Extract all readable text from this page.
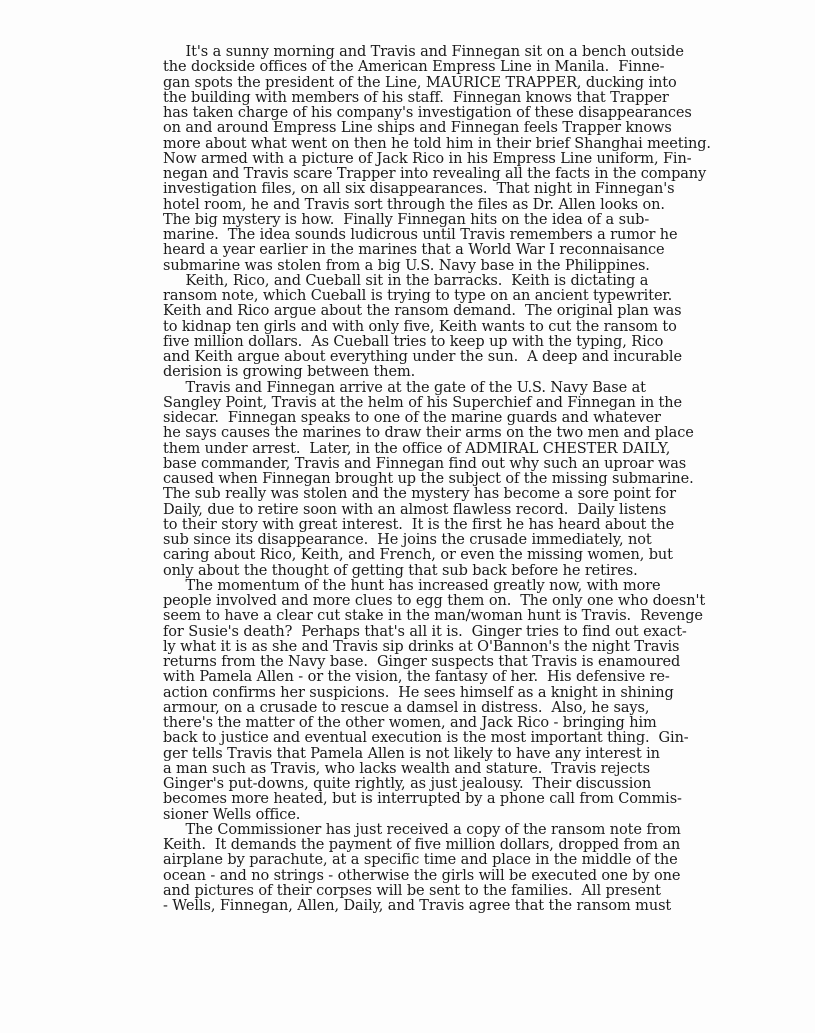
It's a sunny morning and Travis and Finnegan sit on a bench outside
the dockside offices of the American Empress Line in Manila.  Finne-
gan spots the president of the Line, MAURICE TRAPPER, ducking into
the building with members of his staff.  Finnegan knows that Trapper
has taken charge of his company's investigation of these disappearances
on and around Empress Line ships and Finnegan feels Trapper knows
more about what went on then he told him in their brief Shanghai meeting.
Now armed with a picture of Jack Rico in his Empress Line uniform, Fin-
negan and Travis scare Trapper into revealing all the facts in the company
investigation files, on all six disappearances.  That night in Finnegan's
hotel room, he and Travis sort through the files as Dr. Allen looks on.
The big mystery is how.  Finally Finnegan hits on the idea of a sub-
marine.  The idea sounds ludicrous until Travis remembers a rumor he
heard a year earlier in the marines that a World War I reconnaisance
submarine was stolen from a big U.S. Navy base in the Philippines.
Keith, Rico, and Cueball sit in the barracks.  Keith is dictating a
ransom note, which Cueball is trying to type on an ancient typewriter.
Keith and Rico argue about the ransom demand.  The original plan was
to kidnap ten girls and with only five, Keith wants to cut the ransom to
five million dollars.  As Cueball tries to keep up with the typing, Rico
and Keith argue about everything under the sun.  A deep and incurable
derision is growing between them.
Travis and Finnegan arrive at the gate of the U.S. Navy Base at
Sangley Point, Travis at the helm of his Superchief and Finnegan in the
sidecar.  Finnegan speaks to one of the marine guards and whatever
he says causes the marines to draw their arms on the two men and place
them under arrest.  Later, in the office of ADMIRAL CHESTER DAILY,
base commander, Travis and Finnegan find out why such an uproar was
caused when Finnegan brought up the subject of the missing submarine.
The sub really was stolen and the mystery has become a sore point for
Daily, due to retire soon with an almost flawless record.  Daily listens
to their story with great interest.  It is the first he has heard about the
sub since its disappearance.  He joins the crusade immediately, not
caring about Rico, Keith, and French, or even the missing women, but
only about the thought of getting that sub back before he retires.
The momentum of the hunt has increased greatly now, with more
people involved and more clues to egg them on.  The only one who doesn't
seem to have a clear cut stake in the man/woman hunt is Travis.  Revenge
for Susie's death?  Perhaps that's all it is.  Ginger tries to find out exact-
ly what it is as she and Travis sip drinks at O'Bannon's the night Travis
returns from the Navy base.  Ginger suspects that Travis is enamoured
with Pamela Allen - or the vision, the fantasy of her.  His defensive re-
action confirms her suspicions.  He sees himself as a knight in shining
armour, on a crusade to rescue a damsel in distress.  Also, he says,
there's the matter of the other women, and Jack Rico - bringing him
back to justice and eventual execution is the most important thing.  Gin-
ger tells Travis that Pamela Allen is not likely to have any interest in
a man such as Travis, who lacks wealth and stature.  Travis rejects
Ginger's put-downs, quite rightly, as just jealousy.  Their discussion
becomes more heated, but is interrupted by a phone call from Commis-
sioner Wells office.
The Commissioner has just received a copy of the ransom note from
Keith.  It demands the payment of five million dollars, dropped from an
airplane by parachute, at a specific time and place in the middle of the
ocean - and no strings - otherwise the girls will be executed one by one
and pictures of their corpses will be sent to the families.  All present
- Wells, Finnegan, Allen, Daily, and Travis agree that the ransom must
